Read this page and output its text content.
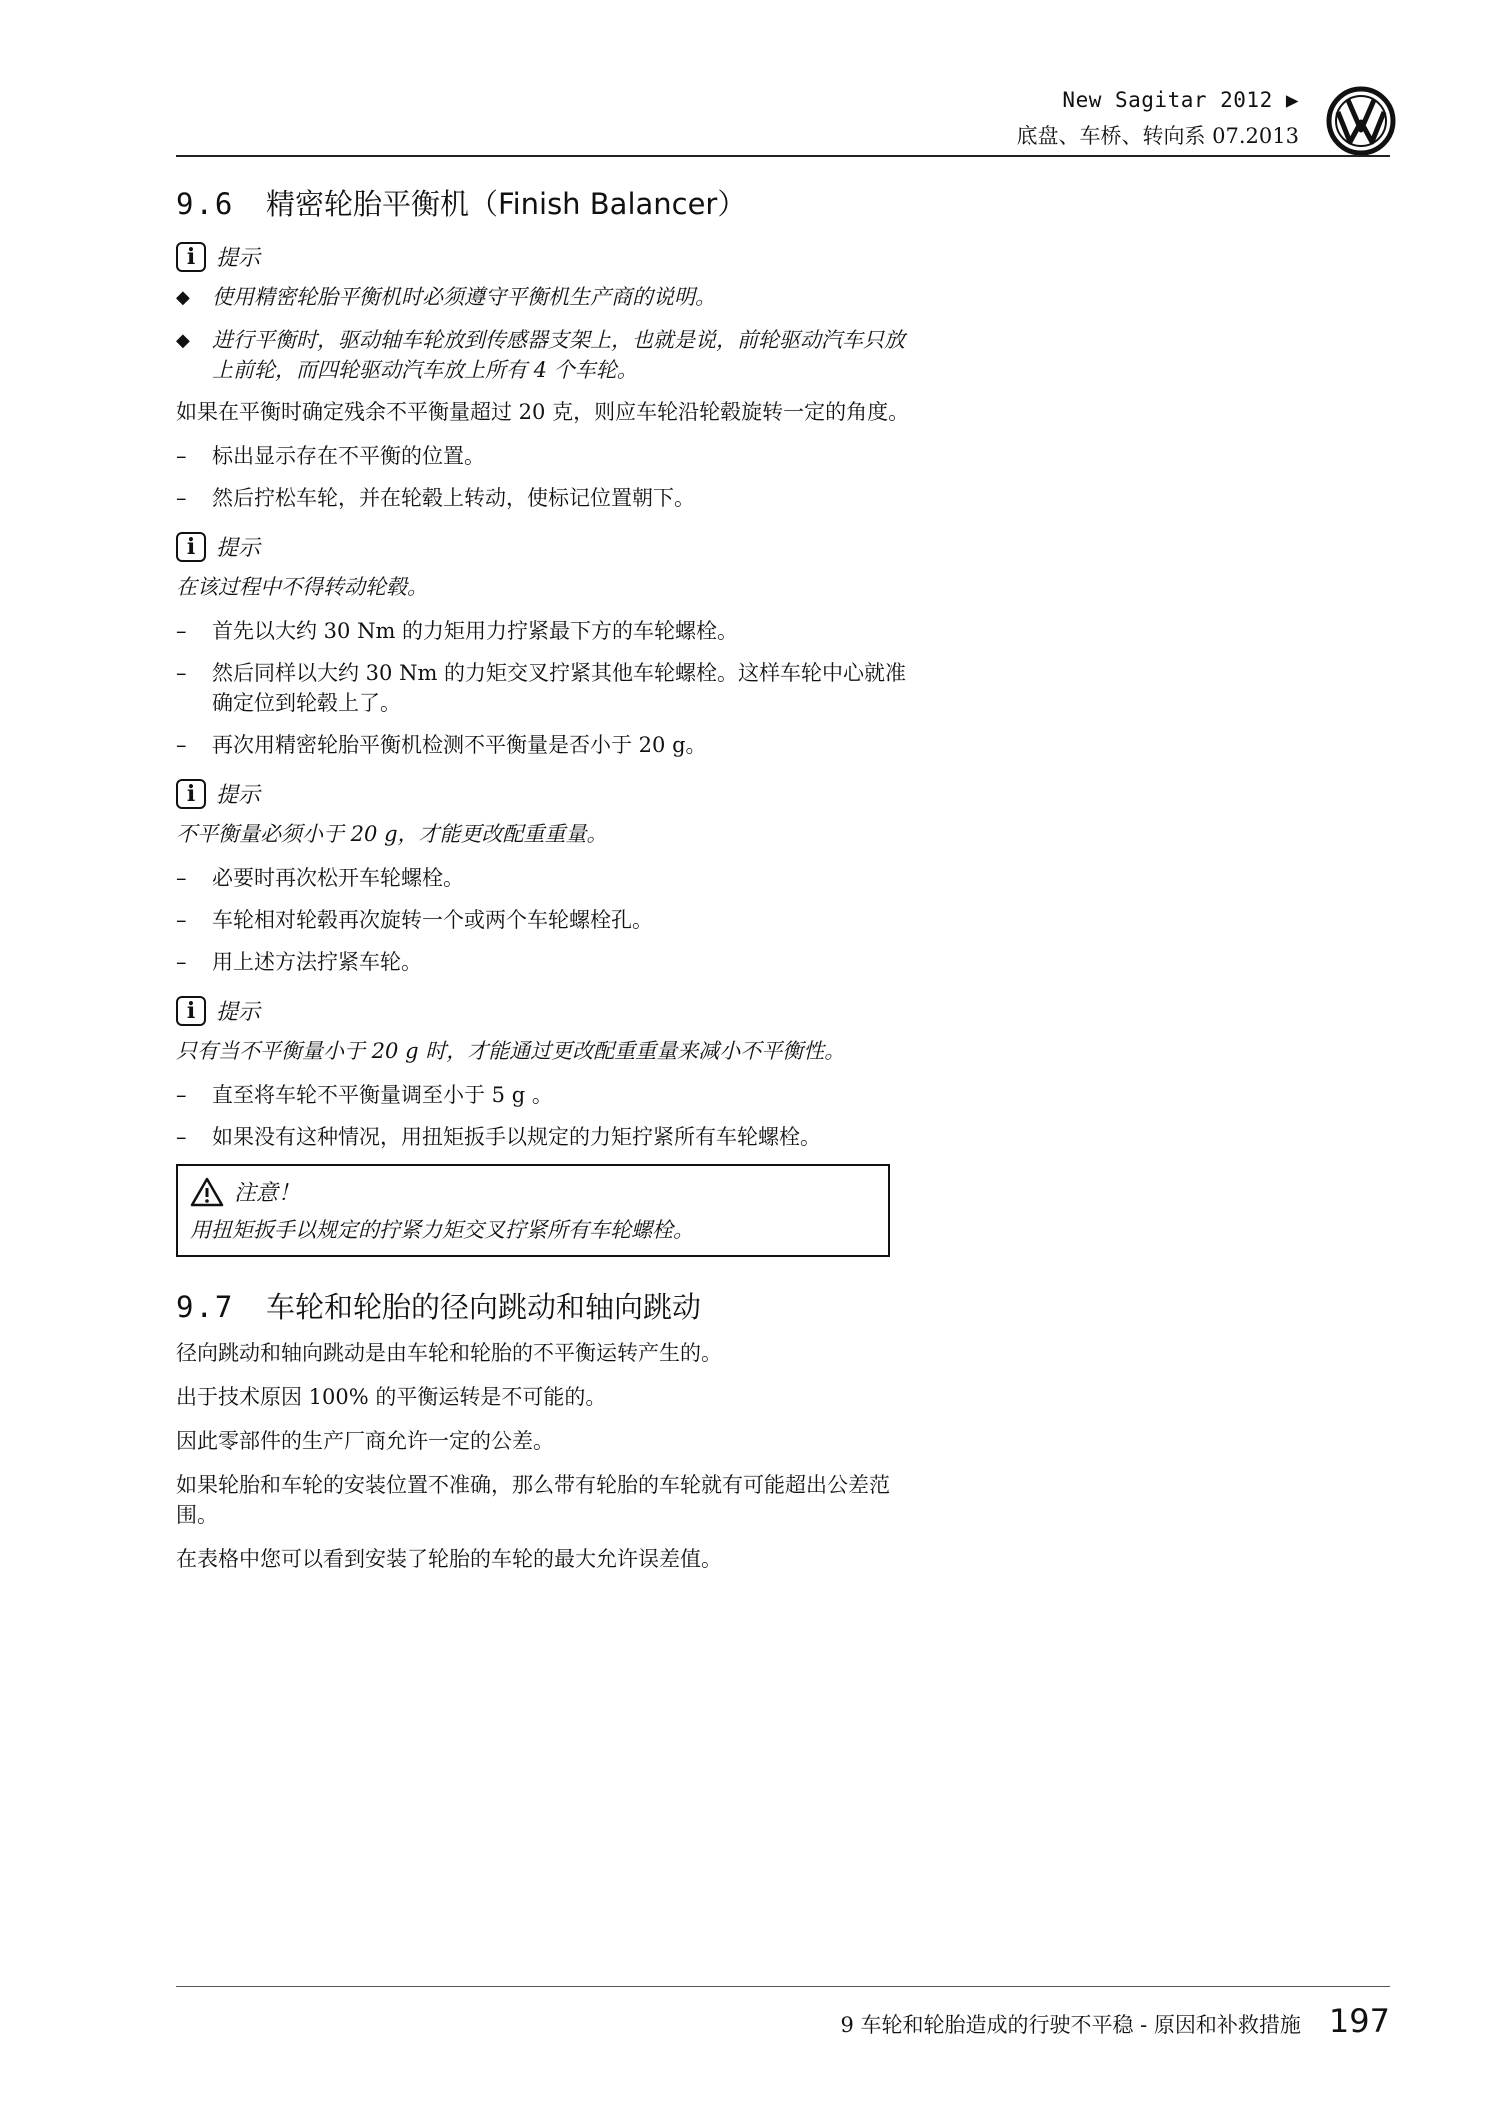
New Sagitar 2012 ▶
底盘、车桥、转向系 07.2013
9.6	精密轮胎平衡机（Finish Balancer）
i 提示
◆	使用精密轮胎平衡机时必须遵守平衡机生产商的说明。
◆	进行平衡时，驱动轴车轮放到传感器支架上，也就是说，前轮驱动汽车只放上前轮，而四轮驱动汽车放上所有 4 个车轮。

如果在平衡时确定残余不平衡量超过 20 克，则应车轮沿轮毂旋转一定的角度。

–	标出显示存在不平衡的位置。
–	然后拧松车轮，并在轮毂上转动，使标记位置朝下。
i 提示

在该过程中不得转动轮毂。

–	首先以大约 30 Nm 的力矩用力拧紧最下方的车轮螺栓。
–	然后同样以大约 30 Nm 的力矩交叉拧紧其他车轮螺栓。这样车轮中心就准确定位到轮毂上了。
–	再次用精密轮胎平衡机检测不平衡量是否小于 20 g。
i 提示

不平衡量必须小于 20 g，才能更改配重重量。

–	必要时再次松开车轮螺栓。
–	车轮相对轮毂再次旋转一个或两个车轮螺栓孔。
–	用上述方法拧紧车轮。
i 提示

只有当不平衡量小于 20 g 时，才能通过更改配重重量来减小不平衡性。

–	直至将车轮不平衡量调至小于 5 g 。
–	如果没有这种情况，用扭矩扳手以规定的力矩拧紧所有车轮螺栓。
注意！
用扭矩扳手以规定的拧紧力矩交叉拧紧所有车轮螺栓。
9.7	车轮和轮胎的径向跳动和轴向跳动

径向跳动和轴向跳动是由车轮和轮胎的不平衡运转产生的。

出于技术原因 100% 的平衡运转是不可能的。

因此零部件的生产厂商允许一定的公差。

如果轮胎和车轮的安装位置不准确，那么带有轮胎的车轮就有可能超出公差范围。

在表格中您可以看到安装了轮胎的车轮的最大允许误差值。

9 车轮和轮胎造成的行驶不平稳 - 原因和补救措施 197
